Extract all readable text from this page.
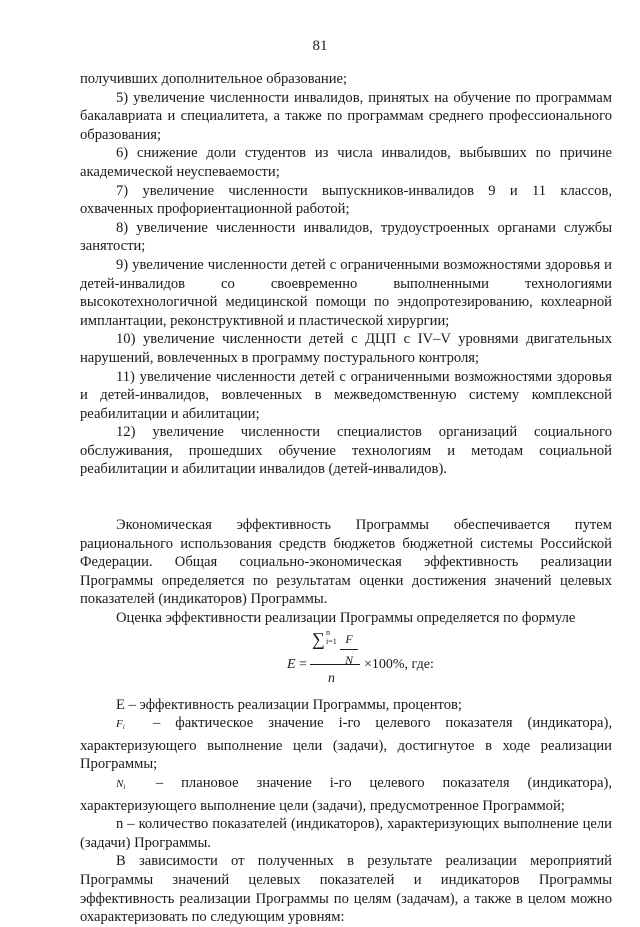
81

получивших дополнительное образование;

5) увеличение численности инвалидов, принятых на обучение по программам бакалавриата и специалитета, а также по программам среднего профессионального образования;

6) снижение доли студентов из числа инвалидов, выбывших по причине академической неуспеваемости;

7) увеличение численности выпускников-инвалидов 9 и 11 классов, охваченных профориентационной работой;

8) увеличение численности инвалидов, трудоустроенных органами службы занятости;

9) увеличение численности детей с ограниченными возможностями здоровья и детей-инвалидов со своевременно выполненными технологиями высокотехнологичной медицинской помощи по эндопротезированию, кохлеарной имплантации, реконструктивной и пластической хирургии;

10) увеличение численности детей с ДЦП с IV–V уровнями двигательных нарушений, вовлеченных в программу постурального контроля;

11) увеличение численности детей с ограниченными возможностями здоровья и детей-инвалидов, вовлеченных в межведомственную систему комплексной реабилитации и абилитации;

12) увеличение численности специалистов организаций социального обслуживания, прошедших обучение технологиям и методам социальной реабилитации и абилитации инвалидов (детей-инвалидов).

Экономическая эффективность Программы обеспечивается путем рационального использования средств бюджетов бюджетной системы Российской Федерации. Общая социально-экономическая эффективность реализации Программы определяется по результатам оценки достижения значений целевых показателей (индикаторов) Программы.

Оценка эффективности реализации Программы определяется по формуле

E =
∑ n
i=1 F
N ×100%, где:
n

Е – эффективность реализации Программы, процентов;

F i – фактическое значение i-го целевого показателя (индикатора), характеризующего выполнение цели (задачи), достигнутое в ходе реализации Программы;

N i – плановое значение i-го целевого показателя (индикатора), характеризующего выполнение цели (задачи), предусмотренное Программой;

n – количество показателей (индикаторов), характеризующих выполнение цели (задачи) Программы.

В зависимости от полученных в результате реализации мероприятий Программы значений целевых показателей и индикаторов Программы эффективность реализации Программы по целям (задачам), а также в целом можно охарактеризовать по следующим уровням:
